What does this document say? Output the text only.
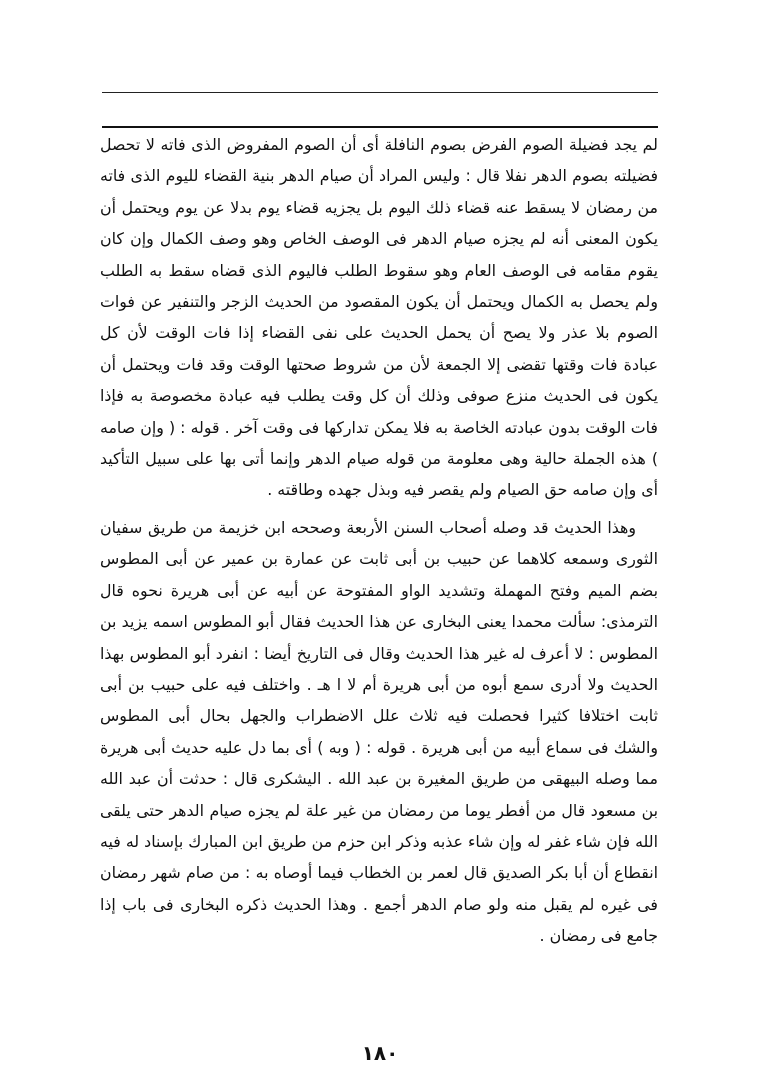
لم يجد فضيلة الصوم الفرض بصوم النافلة أى أن الصوم المفروض الذى فاته لا تحصل فضيلته بصوم الدهر نفلا قال : وليس المراد أن صيام الدهر بنية القضاء لليوم الذى فاته من رمضان لا يسقط عنه قضاء ذلك اليوم بل يجزيه قضاء يوم بدلا عن يوم ويحتمل أن يكون المعنى أنه لم يجزه صيام الدهر فى الوصف الخاص وهو وصف الكمال وإن كان يقوم مقامه فى الوصف العام وهو سقوط الطلب فاليوم الذى قضاه سقط به الطلب ولم يحصل به الكمال ويحتمل أن يكون المقصود من الحديث الزجر والتنفير عن فوات الصوم بلا عذر ولا يصح أن يحمل الحديث على نفى القضاء إذا فات الوقت لأن كل عبادة فات وقتها تقضى إلا الجمعة لأن من شروط صحتها الوقت وقد فات ويحتمل أن يكون فى الحديث منزع صوفى وذلك أن كل وقت يطلب فيه عبادة مخصوصة به فإذا فات الوقت بدون عبادته الخاصة به فلا يمكن تداركها فى وقت آخر . قوله : ( وإن صامه ) هذه الجملة حالية وهى معلومة من قوله صيام الدهر وإنما أتى بها على سبيل التأكيد أى وإن صامه حق الصيام ولم يقصر فيه وبذل جهده وطاقته .

وهذا الحديث قد وصله أصحاب السنن الأربعة وصححه ابن خزيمة من طريق سفيان الثورى وسمعه كلاهما عن حبيب بن أبى ثابت عن عمارة بن عمير عن أبى المطوس بضم الميم وفتح المهملة وتشديد الواو المفتوحة عن أبيه عن أبى هريرة نحوه قال الترمذى: سألت محمدا يعنى البخارى عن هذا الحديث فقال أبو المطوس اسمه يزيد بن المطوس : لا أعرف له غير هذا الحديث وقال فى التاريخ أيضا : انفرد أبو المطوس بهذا الحديث ولا أدرى سمع أبوه من أبى هريرة أم لا ا هـ . واختلف فيه على حبيب بن أبى ثابت اختلافا كثيرا فحصلت فيه ثلاث علل الاضطراب والجهل بحال أبى المطوس والشك فى سماع أبيه من أبى هريرة . قوله : ( وبه ) أى بما دل عليه حديث أبى هريرة مما وصله البيهقى من طريق المغيرة بن عبد الله . اليشكرى قال : حدثت أن عبد الله بن مسعود قال من أفطر يوما من رمضان من غير علة لم يجزه صيام الدهر حتى يلقى الله فإن شاء غفر له وإن شاء عذبه وذكر ابن حزم من طريق ابن المبارك بإسناد له فيه انقطاع أن أبا بكر الصديق قال لعمر بن الخطاب فيما أوصاه به : من صام شهر رمضان فى غيره لم يقبل منه ولو صام الدهر أجمع . وهذا الحديث ذكره البخارى فى باب إذا جامع فى رمضان .

١٨٠
